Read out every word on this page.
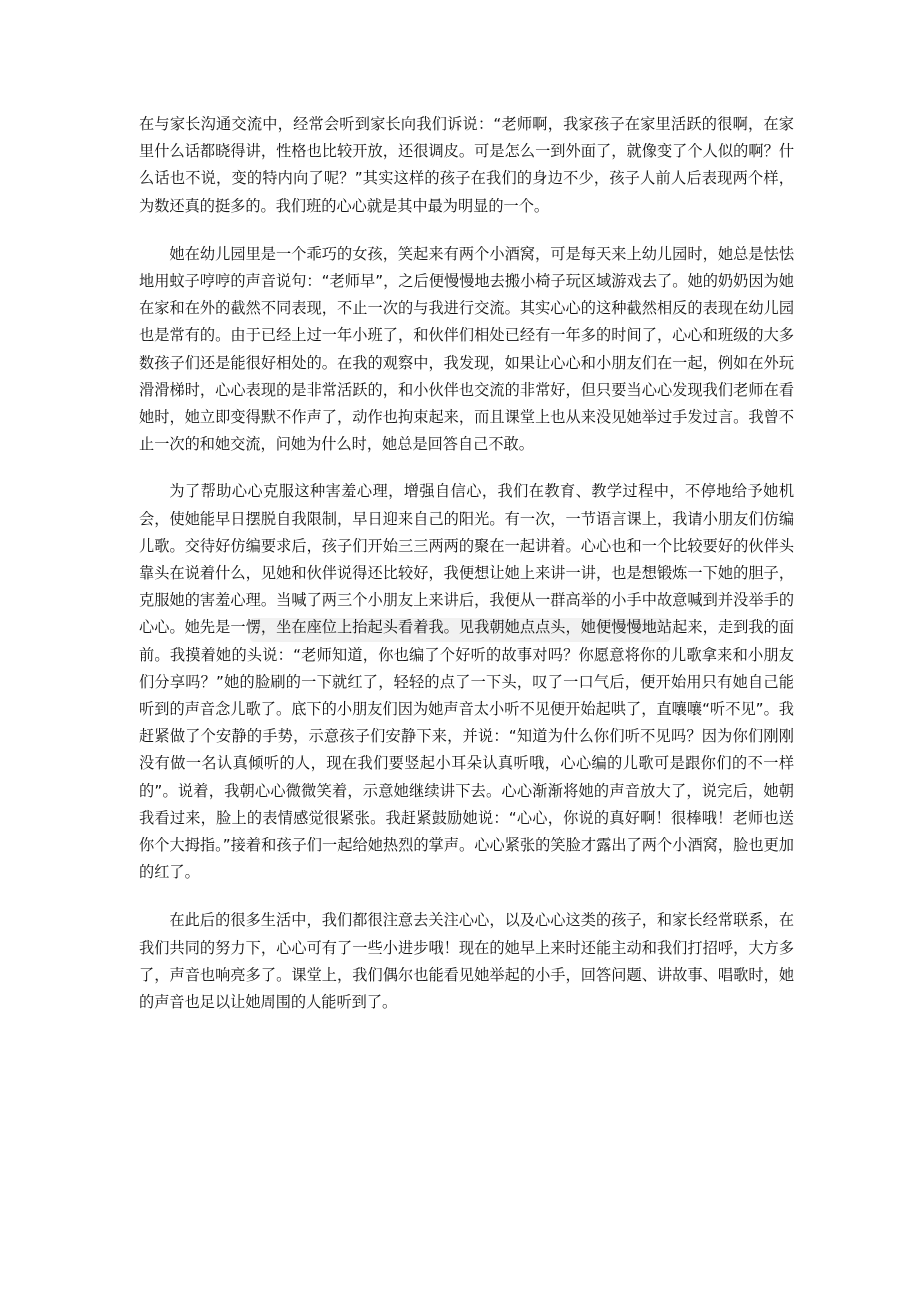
在与家长沟通交流中，经常会听到家长向我们诉说：“老师啊，我家孩子在家里活跃的很啊，在家里什么话都晓得讲，性格也比较开放，还很调皮。可是怎么一到外面了，就像变了个人似的啊？什么话也不说，变的特内向了呢？”其实这样的孩子在我们的身边不少，孩子人前人后表现两个样，为数还真的挺多的。我们班的心心就是其中最为明显的一个。

她在幼儿园里是一个乖巧的女孩，笑起来有两个小酒窝，可是每天来上幼儿园时，她总是怯怯地用蚊子哼哼的声音说句：“老师早”，之后便慢慢地去搬小椅子玩区域游戏去了。她的奶奶因为她在家和在外的截然不同表现，不止一次的与我进行交流。其实心心的这种截然相反的表现在幼儿园也是常有的。由于已经上过一年小班了，和伙伴们相处已经有一年多的时间了，心心和班级的大多数孩子们还是能很好相处的。在我的观察中，我发现，如果让心心和小朋友们在一起，例如在外玩滑滑梯时，心心表现的是非常活跃的，和小伙伴也交流的非常好，但只要当心心发现我们老师在看她时，她立即变得默不作声了，动作也拘束起来，而且课堂上也从来没见她举过手发过言。我曾不止一次的和她交流，问她为什么时，她总是回答自己不敢。

为了帮助心心克服这种害羞心理，增强自信心，我们在教育、教学过程中，不停地给予她机会，使她能早日摆脱自我限制，早日迎来自己的阳光。有一次，一节语言课上，我请小朋友们仿编儿歌。交待好仿编要求后，孩子们开始三三两两的聚在一起讲着。心心也和一个比较要好的伙伴头靠头在说着什么，见她和伙伴说得还比较好，我便想让她上来讲一讲，也是想锻炼一下她的胆子，克服她的害羞心理。当喊了两三个小朋友上来讲后，我便从一群高举的小手中故意喊到并没举手的心心。她先是一愣，坐在座位上抬起头看着我。见我朝她点点头，她便慢慢地站起来，走到我的面前。我摸着她的头说：“老师知道，你也编了个好听的故事对吗？你愿意将你的儿歌拿来和小朋友们分享吗？”她的脸刷的一下就红了，轻轻的点了一下头，叹了一口气后，便开始用只有她自己能听到的声音念儿歌了。底下的小朋友们因为她声音太小听不见便开始起哄了，直嚷嚷“听不见”。我赶紧做了个安静的手势，示意孩子们安静下来，并说：“知道为什么你们听不见吗？因为你们刚刚没有做一名认真倾听的人，现在我们要竖起小耳朵认真听哦，心心编的儿歌可是跟你们的不一样的”。说着，我朝心心微微笑着，示意她继续讲下去。心心渐渐将她的声音放大了，说完后，她朝我看过来，脸上的表情感觉很紧张。我赶紧鼓励她说：“心心，你说的真好啊！很棒哦！老师也送你个大拇指。”接着和孩子们一起给她热烈的掌声。心心紧张的笑脸才露出了两个小酒窝，脸也更加的红了。

在此后的很多生活中，我们都很注意去关注心心，以及心心这类的孩子，和家长经常联系，在我们共同的努力下，心心可有了一些小进步哦！现在的她早上来时还能主动和我们打招呼，大方多了，声音也响亮多了。课堂上，我们偶尔也能看见她举起的小手，回答问题、讲故事、唱歌时，她的声音也足以让她周围的人能听到了。
